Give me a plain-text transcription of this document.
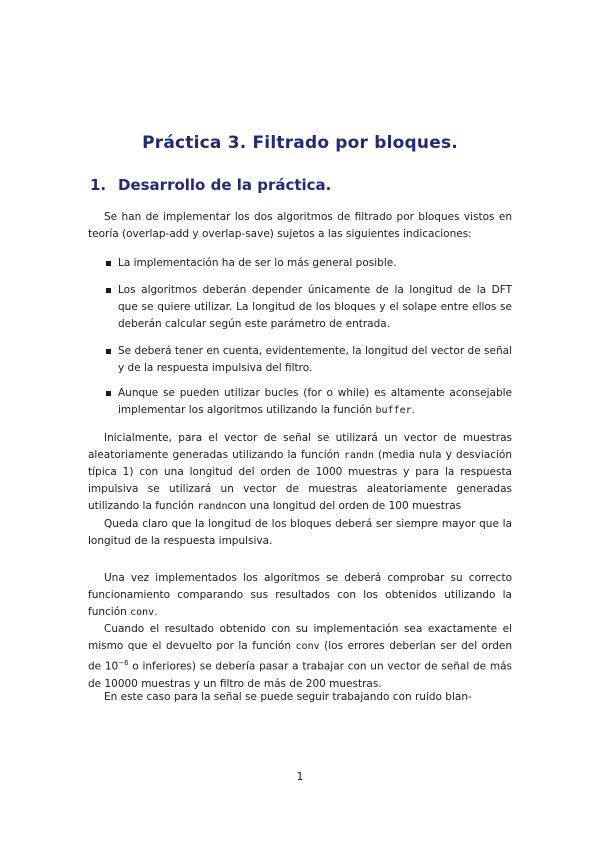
Práctica 3. Filtrado por bloques.
1. Desarrollo de la práctica.
Se han de implementar los dos algoritmos de filtrado por bloques vistos en teoría (overlap-add y overlap-save) sujetos a las siguientes indicaciones:
La implementación ha de ser lo más general posible.
Los algoritmos deberán depender únicamente de la longitud de la DFT que se quiere utilizar. La longitud de los bloques y el solape entre ellos se deberán calcular según este parámetro de entrada.
Se deberá tener en cuenta, evidentemente, la longitud del vector de señal y de la respuesta impulsiva del filtro.
Aunque se pueden utilizar bucles (for o while) es altamente aconsejable implementar los algoritmos utilizando la función buffer.
Inicialmente, para el vector de señal se utilizará un vector de muestras aleatoriamente generadas utilizando la función randn (media nula y desviación típica 1) con una longitud del orden de 1000 muestras y para la respuesta impulsiva se utilizará un vector de muestras aleatoriamente generadas utilizando la función randncon una longitud del orden de 100 muestras
Queda claro que la longitud de los bloques deberá ser siempre mayor que la longitud de la respuesta impulsiva.
Una vez implementados los algoritmos se deberá comprobar su correcto funcionamiento comparando sus resultados con los obtenidos utilizando la función conv.
Cuando el resultado obtenido con su implementación sea exactamente el mismo que el devuelto por la función conv (los errores deberían ser del orden de $10^{-6}$ o inferiores) se debería pasar a trabajar con un vector de señal de más de 10000 muestras y un filtro de más de 200 muestras.
En este caso para la señal se puede seguir trabajando con ruido blan-
1
